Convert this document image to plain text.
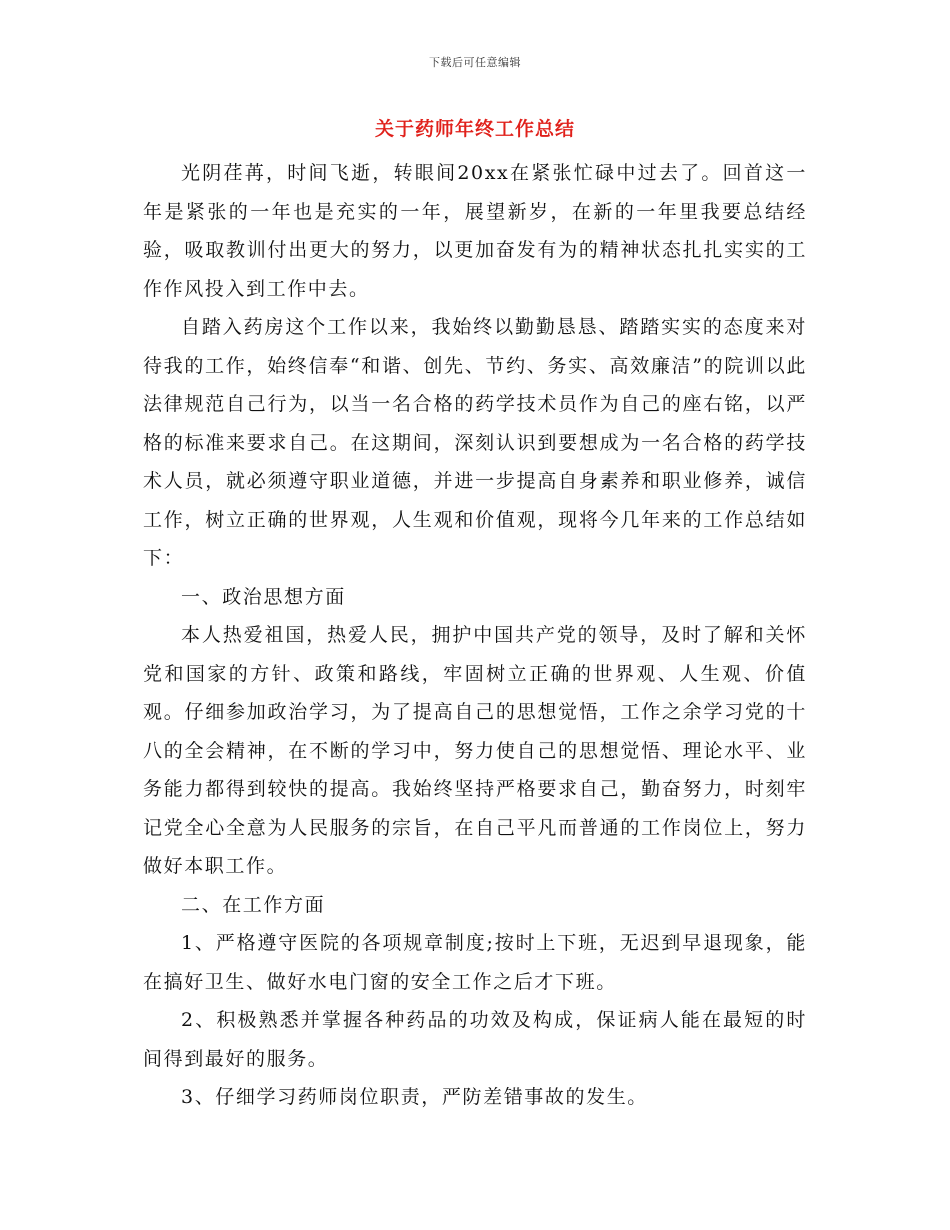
下载后可任意编辑
关于药师年终工作总结

光阴荏苒，时间飞逝，转眼间20xx在紧张忙碌中过去了。回首这一年是紧张的一年也是充实的一年，展望新岁，在新的一年里我要总结经验，吸取教训付出更大的努力，以更加奋发有为的精神状态扎扎实实的工作作风投入到工作中去。

自踏入药房这个工作以来，我始终以勤勤恳恳、踏踏实实的态度来对待我的工作，始终信奉“和谐、创先、节约、务实、高效廉洁”的院训以此法律规范自己行为，以当一名合格的药学技术员作为自己的座右铭，以严格的标准来要求自己。在这期间，深刻认识到要想成为一名合格的药学技术人员，就必须遵守职业道德，并进一步提高自身素养和职业修养，诚信工作，树立正确的世界观，人生观和价值观，现将今几年来的工作总结如下：

一、政治思想方面

本人热爱祖国，热爱人民，拥护中国共产党的领导，及时了解和关怀党和国家的方针、政策和路线，牢固树立正确的世界观、人生观、价值观。仔细参加政治学习，为了提高自己的思想觉悟，工作之余学习党的十八的全会精神，在不断的学习中，努力使自己的思想觉悟、理论水平、业务能力都得到较快的提高。我始终坚持严格要求自己，勤奋努力，时刻牢记党全心全意为人民服务的宗旨，在自己平凡而普通的工作岗位上，努力做好本职工作。

二、在工作方面

1、严格遵守医院的各项规章制度;按时上下班，无迟到早退现象，能在搞好卫生、做好水电门窗的安全工作之后才下班。

2、积极熟悉并掌握各种药品的功效及构成，保证病人能在最短的时间得到最好的服务。

3、仔细学习药师岗位职责，严防差错事故的发生。
